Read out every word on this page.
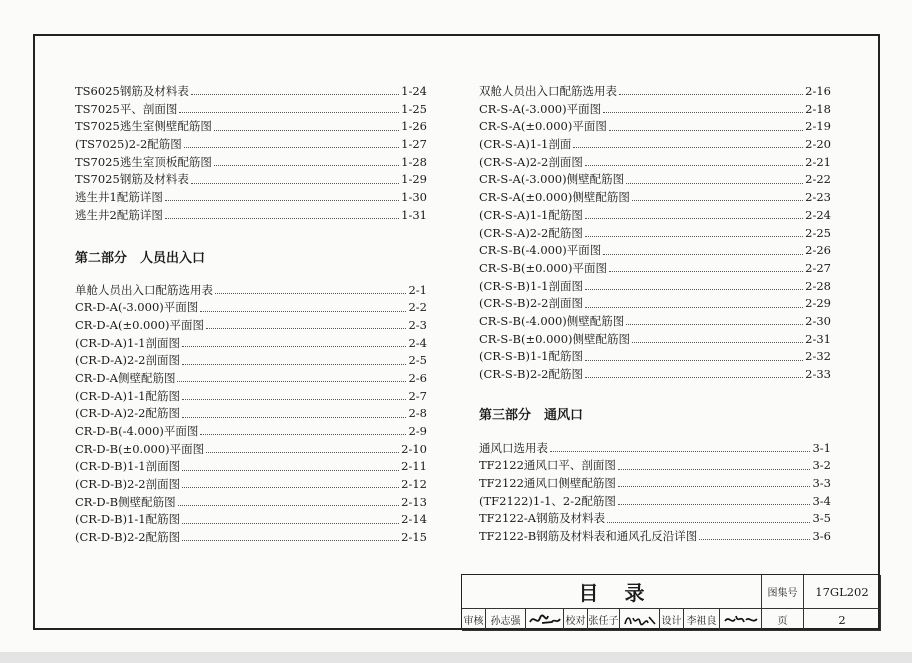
TS6025钢筋及材料表	1-24
TS7025平、剖面图	1-25
TS7025逃生室侧壁配筋图	1-26
(TS7025)2-2配筋图	1-27
TS7025逃生室顶板配筋图	1-28
TS7025钢筋及材料表	1-29
逃生井1配筋详图	1-30
逃生井2配筋详图	1-31
第二部分　人员出入口
单舱人员出入口配筋选用表	2-1
CR-D-A(-3.000)平面图	2-2
CR-D-A(±0.000)平面图	2-3
(CR-D-A)1-1剖面图	2-4
(CR-D-A)2-2剖面图	2-5
CR-D-A侧壁配筋图	2-6
(CR-D-A)1-1配筋图	2-7
(CR-D-A)2-2配筋图	2-8
CR-D-B(-4.000)平面图	2-9
CR-D-B(±0.000)平面图	2-10
(CR-D-B)1-1剖面图	2-11
(CR-D-B)2-2剖面图	2-12
CR-D-B侧壁配筋图	2-13
(CR-D-B)1-1配筋图	2-14
(CR-D-B)2-2配筋图	2-15
双舱人员出入口配筋选用表	2-16
CR-S-A(-3.000)平面图	2-18
CR-S-A(±0.000)平面图	2-19
(CR-S-A)1-1剖面	2-20
(CR-S-A)2-2剖面图	2-21
CR-S-A(-3.000)侧壁配筋图	2-22
CR-S-A(±0.000)侧壁配筋图	2-23
(CR-S-A)1-1配筋图	2-24
(CR-S-A)2-2配筋图	2-25
CR-S-B(-4.000)平面图	2-26
CR-S-B(±0.000)平面图	2-27
(CR-S-B)1-1剖面图	2-28
(CR-S-B)2-2剖面图	2-29
CR-S-B(-4.000)侧壁配筋图	2-30
CR-S-B(±0.000)侧壁配筋图	2-31
(CR-S-B)1-1配筋图	2-32
(CR-S-B)2-2配筋图	2-33
第三部分　通风口
通风口选用表	3-1
TF2122通风口平、剖面图	3-2
TF2122通风口侧壁配筋图	3-3
(TF2122)1-1、2-2配筋图	3-4
TF2122-A钢筋及材料表	3-5
TF2122-B钢筋及材料表和通风孔反沿详图	3-6
目录	图集号	17GL202
审核 孙志强	校对 张任子	设计 李祖良	页	2
